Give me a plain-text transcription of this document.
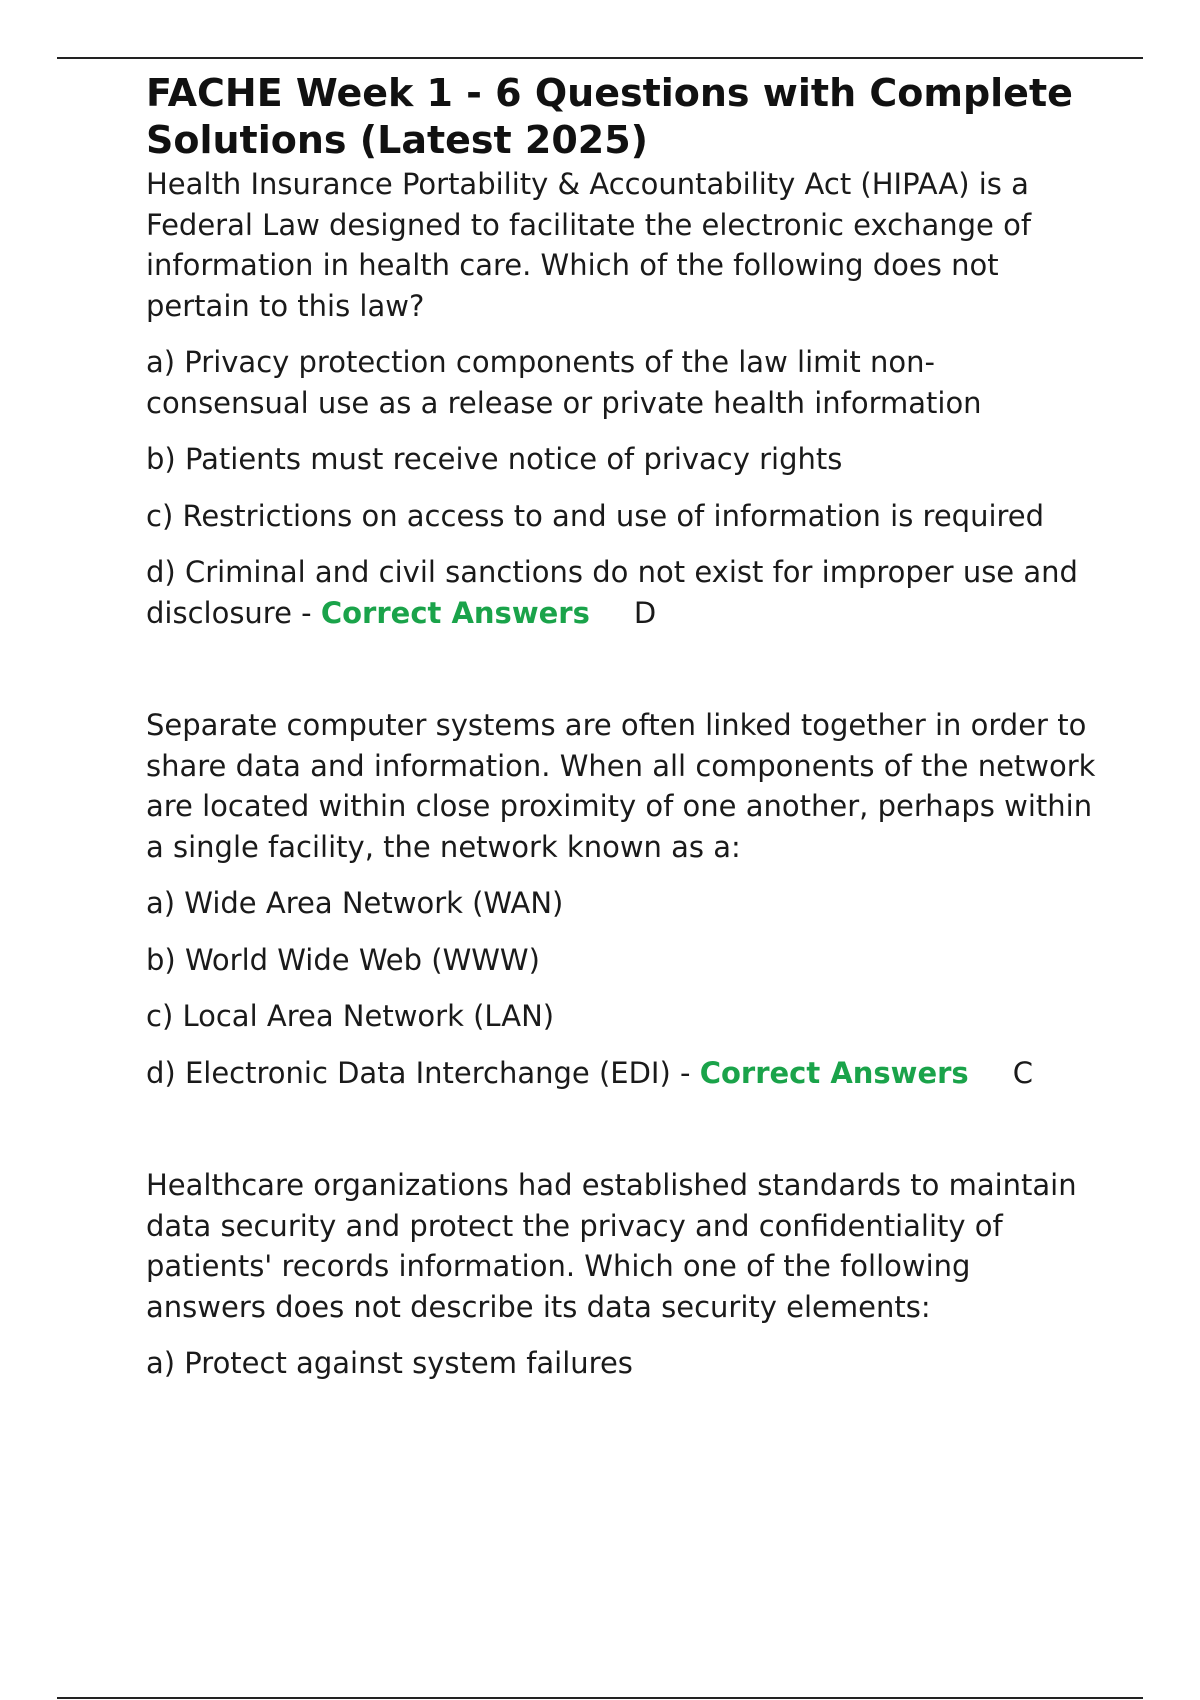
FACHE Week 1 - 6 Questions with Complete Solutions (Latest 2025)

Health Insurance Portability & Accountability Act (HIPAA) is a Federal Law designed to facilitate the electronic exchange of information in health care. Which of the following does not pertain to this law?

a) Privacy protection components of the law limit non-consensual use as a release or private health information

b) Patients must receive notice of privacy rights

c) Restrictions on access to and use of information is required

d) Criminal and civil sanctions do not exist for improper use and disclosure - Correct Answers D

Separate computer systems are often linked together in order to share data and information. When all components of the network are located within close proximity of one another, perhaps within a single facility, the network known as a:

a) Wide Area Network (WAN)

b) World Wide Web (WWW)

c) Local Area Network (LAN)

d) Electronic Data Interchange (EDI) - Correct Answers C

Healthcare organizations had established standards to maintain data security and protect the privacy and confidentiality of patients' records information. Which one of the following answers does not describe its data security elements:

a) Protect against system failures
